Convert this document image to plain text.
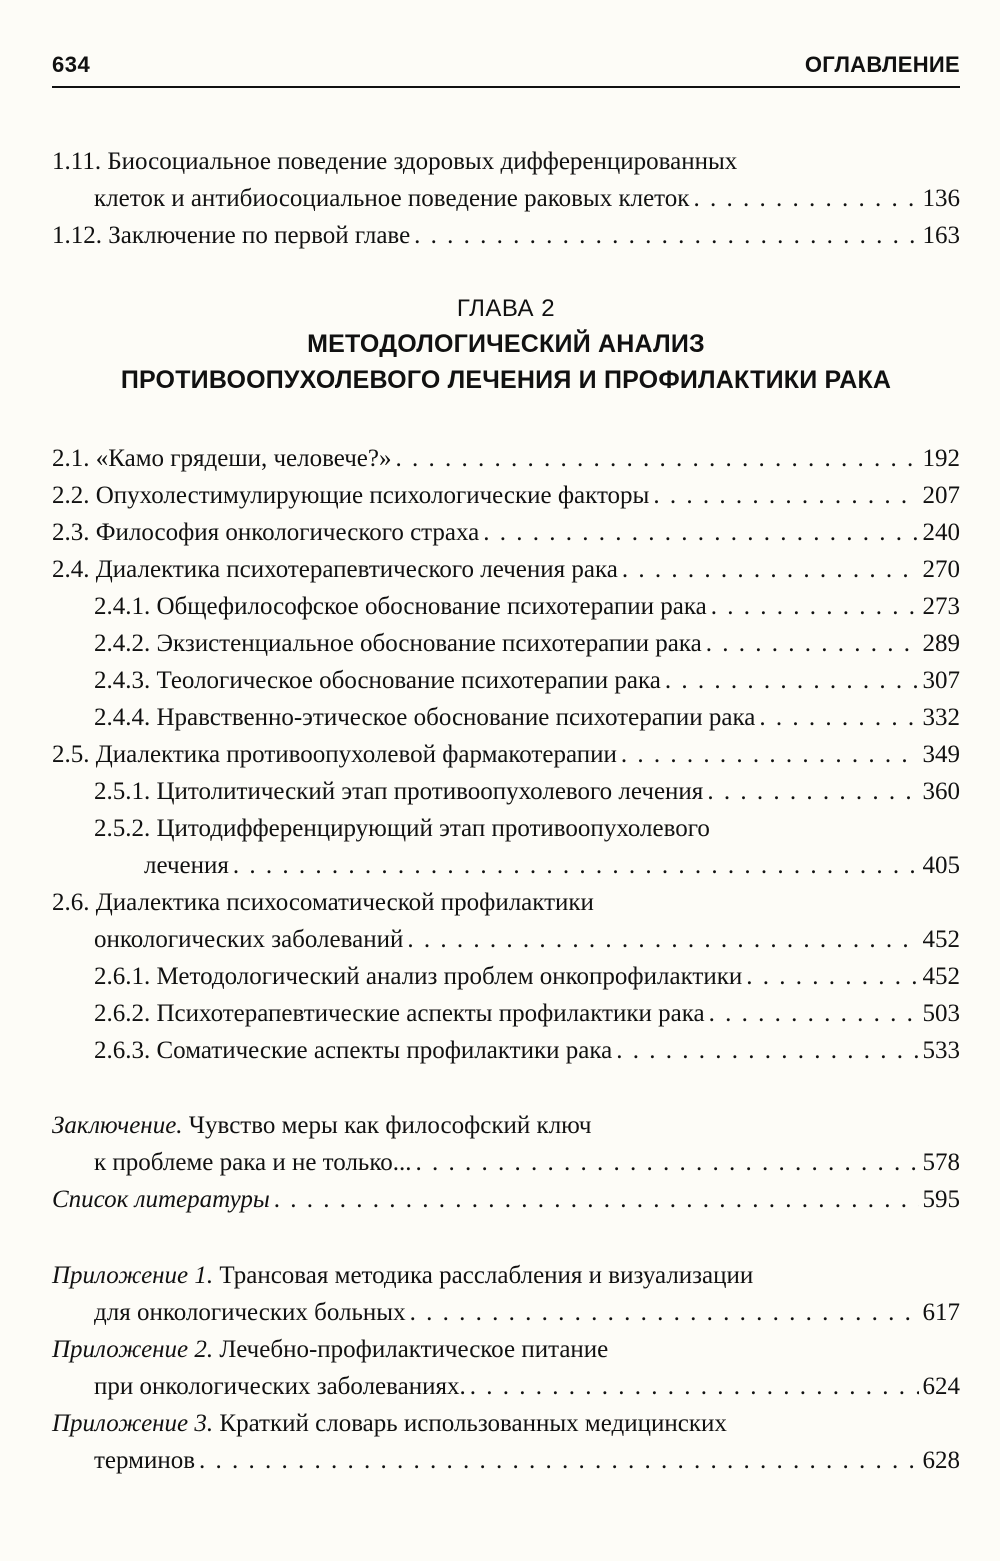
634	ОГЛАВЛЕНИЕ
1.11. Биосоциальное поведение здоровых дифференцированных
клеток и антибиосоциальное поведение раковых клеток . . .	136
1.12. Заключение по первой главе . . .	163
ГЛАВА 2
МЕТОДОЛОГИЧЕСКИЙ АНАЛИЗ
ПРОТИВООПУХОЛЕВОГО ЛЕЧЕНИЯ И ПРОФИЛАКТИКИ РАКА
2.1. «Камо грядеши, человече?» . . .	192
2.2. Опухолестимулирующие психологические факторы . . .	207
2.3. Философия онкологического страха . . .	240
2.4. Диалектика психотерапевтического лечения рака . . .	270
2.4.1. Общефилософское обоснование психотерапии рака . . .	273
2.4.2. Экзистенциальное обоснование психотерапии рака . . .	289
2.4.3. Теологическое обоснование психотерапии рака . . .	307
2.4.4. Нравственно-этическое обоснование психотерапии рака . . .	332
2.5. Диалектика противоопухолевой фармакотерапии . . .	349
2.5.1. Цитолитический этап противоопухолевого лечения . . .	360
2.5.2. Цитодифференцирующий этап противоопухолевого
лечения . . .	405
2.6. Диалектика психосоматической профилактики
онкологических заболеваний . . .	452
2.6.1. Методологический анализ проблем онкопрофилактики . . .	452
2.6.2. Психотерапевтические аспекты профилактики рака . . .	503
2.6.3. Соматические аспекты профилактики рака . . .	533
Заключение. Чувство меры как философский ключ
к проблеме рака и не только... . . .	578
Список литературы . . .	595
Приложение 1. Трансовая методика расслабления и визуализации
для онкологических больных . . .	617
Приложение 2. Лечебно-профилактическое питание
при онкологических заболеваниях. . . .	624
Приложение 3. Краткий словарь использованных медицинских
терминов . . .	628
